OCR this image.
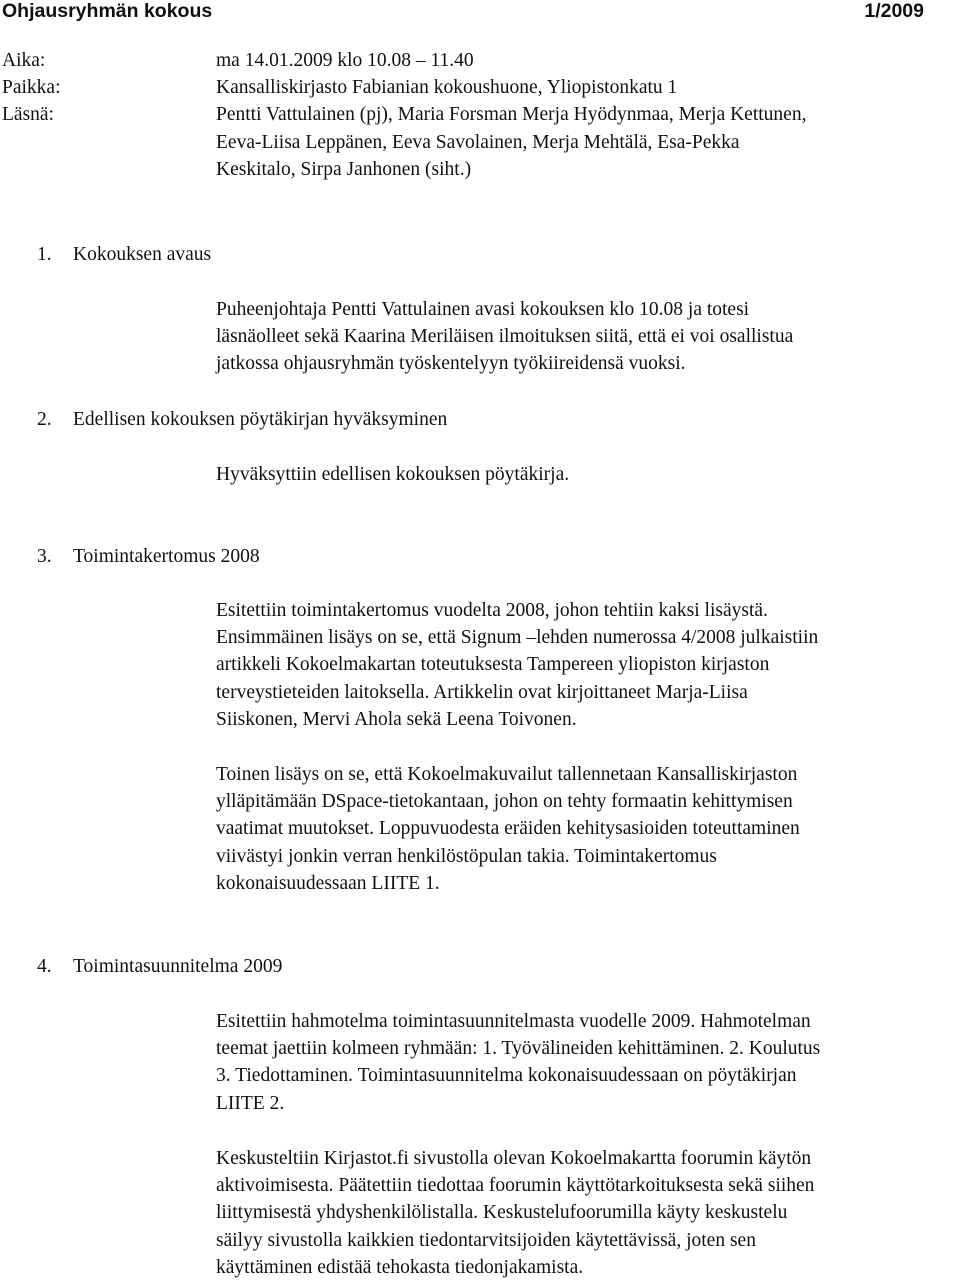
Ohjausryhmän kokous	1/2009
Aika:	ma 14.01.2009 klo 10.08 – 11.40
Paikka:	Kansalliskirjasto Fabianian kokoushuone, Yliopistonkatu 1
Läsnä:	Pentti Vattulainen (pj), Maria Forsman Merja Hyödynmaa, Merja Kettunen,
Eeva-Liisa Leppänen, Eeva Savolainen, Merja Mehtälä, Esa-Pekka
Keskitalo, Sirpa Janhonen (siht.)
1. Kokouksen avaus

Puheenjohtaja Pentti Vattulainen avasi kokouksen klo 10.08 ja totesi

läsnäolleet sekä Kaarina Meriläisen ilmoituksen siitä, että ei voi osallistua

jatkossa ohjausryhmän työskentelyyn työkiireidensä vuoksi.

2. Edellisen kokouksen pöytäkirjan hyväksyminen

Hyväksyttiin edellisen kokouksen pöytäkirja.

3. Toimintakertomus 2008

Esitettiin toimintakertomus vuodelta 2008, johon tehtiin kaksi lisäystä.

Ensimmäinen lisäys on se, että Signum –lehden numerossa 4/2008 julkaistiin

artikkeli Kokoelmakartan toteutuksesta Tampereen yliopiston kirjaston

terveystieteiden laitoksella. Artikkelin ovat kirjoittaneet Marja-Liisa

Siiskonen, Mervi Ahola sekä Leena Toivonen.

Toinen lisäys on se, että Kokoelmakuvailut tallennetaan Kansalliskirjaston

ylläpitämään DSpace-tietokantaan, johon on tehty formaatin kehittymisen

vaatimat muutokset. Loppuvuodesta eräiden kehitysasioiden toteuttaminen

viivästyi jonkin verran henkilöstöpulan takia. Toimintakertomus

kokonaisuudessaan LIITE 1.

4. Toimintasuunnitelma 2009

Esitettiin hahmotelma toimintasuunnitelmasta vuodelle 2009. Hahmotelman

teemat jaettiin kolmeen ryhmään: 1. Työvälineiden kehittäminen. 2. Koulutus

3. Tiedottaminen. Toimintasuunnitelma kokonaisuudessaan on pöytäkirjan

LIITE 2.

Keskusteltiin Kirjastot.fi sivustolla olevan Kokoelmakartta foorumin käytön

aktivoimisesta. Päätettiin tiedottaa foorumin käyttötarkoituksesta sekä siihen

liittymisestä yhdyshenkilölistalla. Keskustelufoorumilla käyty keskustelu

säilyy sivustolla kaikkien tiedontarvitsijoiden käytettävissä, joten sen

käyttäminen edistää tehokasta tiedonjakamista.
